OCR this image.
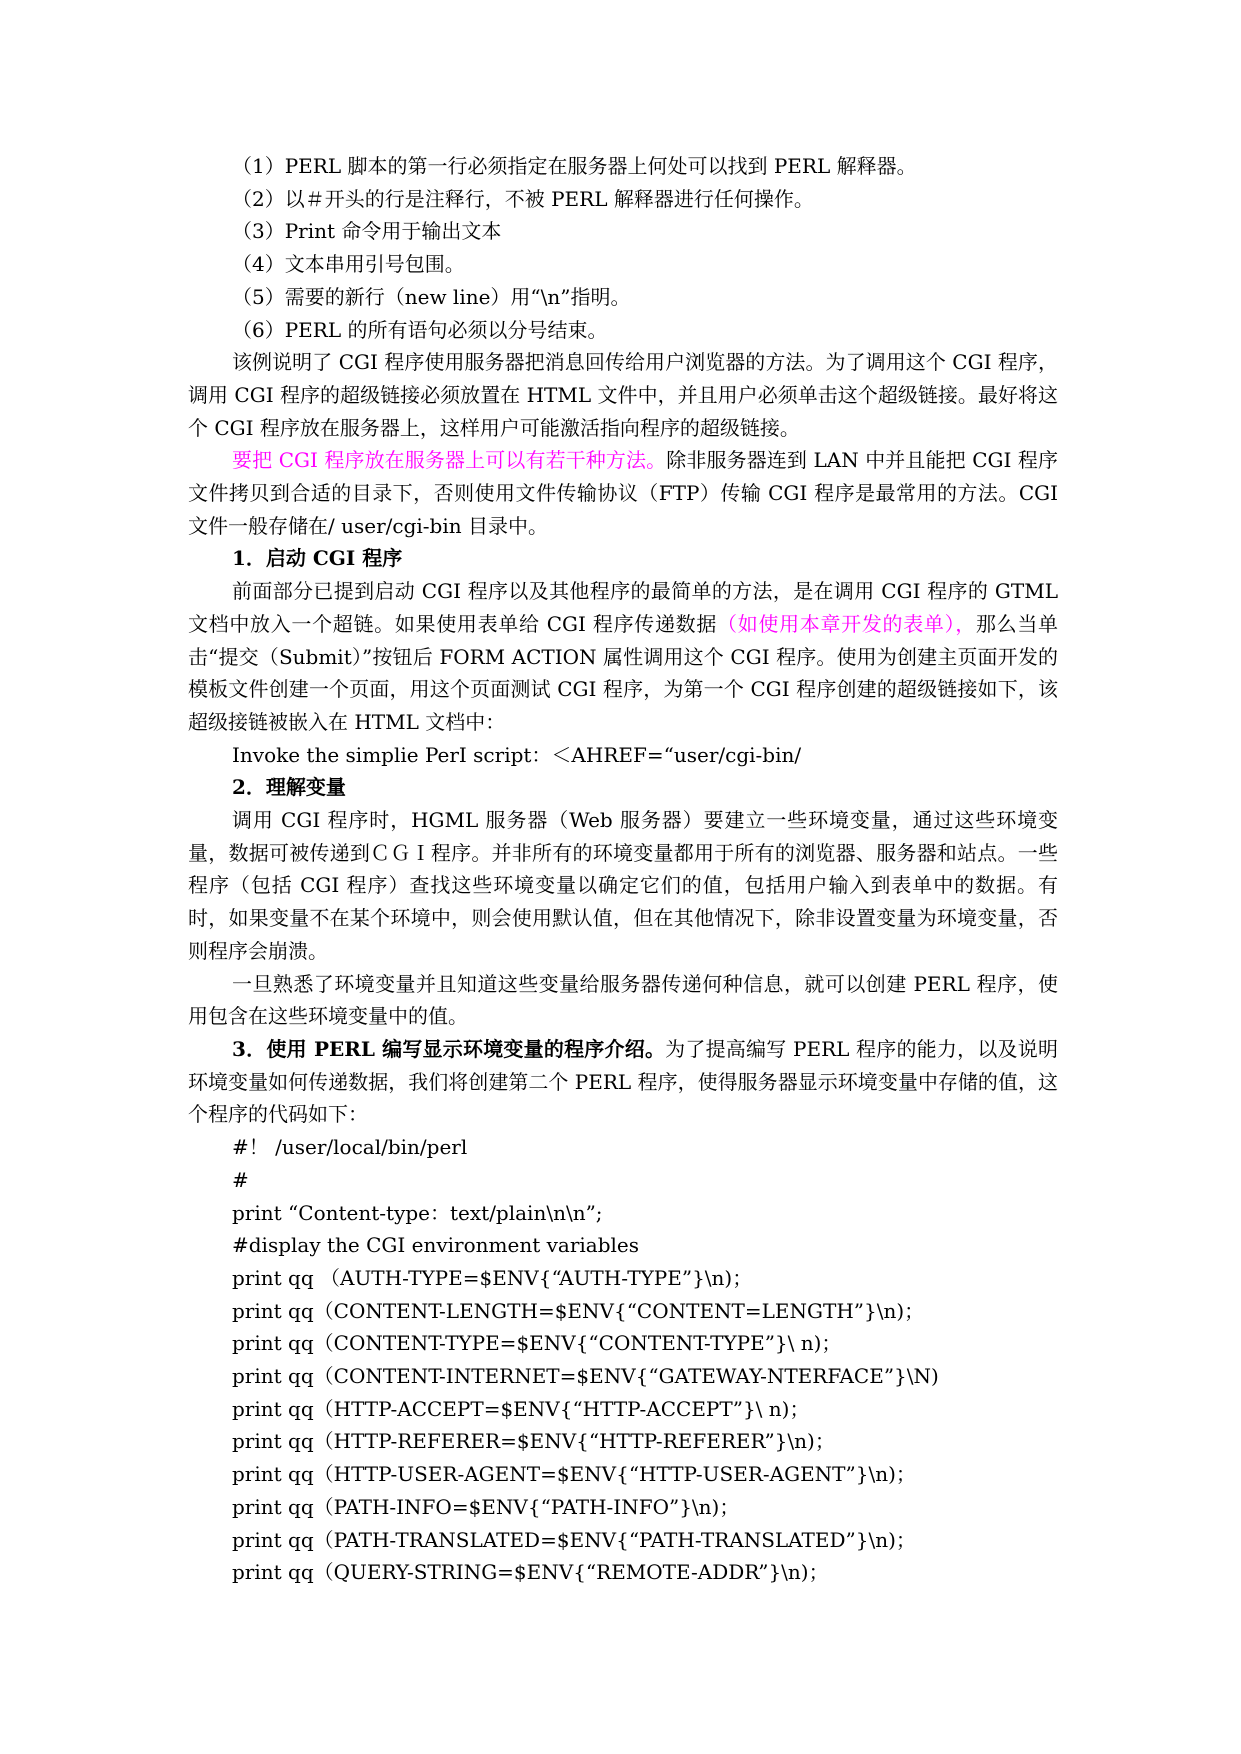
（1）PERL 脚本的第一行必须指定在服务器上何处可以找到 PERL 解释器。
（2）以＃开头的行是注释行，不被 PERL 解释器进行任何操作。
（3）Print 命令用于输出文本
（4）文本串用引号包围。
（5）需要的新行（new line）用“\n”指明。
（6）PERL 的所有语句必须以分号结束。
该例说明了 CGI 程序使用服务器把消息回传给用户浏览器的方法。为了调用这个 CGI 程序，调用 CGI 程序的超级链接必须放置在 HTML 文件中，并且用户必须单击这个超级链接。最好将这个 CGI 程序放在服务器上，这样用户可能激活指向程序的超级链接。
要把 CGI 程序放在服务器上可以有若干种方法。除非服务器连到 LAN 中并且能把 CGI 程序文件拷贝到合适的目录下，否则使用文件传输协议（FTP）传输 CGI 程序是最常用的方法。CGI 文件一般存储在/ user/cgi-bin 目录中。
1．启动 CGI 程序
前面部分已提到启动 CGI 程序以及其他程序的最简单的方法，是在调用 CGI 程序的 GTML 文档中放入一个超链。如果使用表单给 CGI 程序传递数据（如使用本章开发的表单），那么当单击“提交（Submit）”按钮后 FORM ACTION 属性调用这个 CGI 程序。使用为创建主页面开发的模板文件创建一个页面，用这个页面测试 CGI 程序，为第一个 CGI 程序创建的超级链接如下，该超级接链被嵌入在 HTML 文档中：
Invoke the simplie PerI script：＜AHREF=“user/cgi-bin/
2．理解变量
调用 CGI 程序时，HGML 服务器（Web 服务器）要建立一些环境变量，通过这些环境变量，数据可被传递到ＣＧＩ程序。并非所有的环境变量都用于所有的浏览器、服务器和站点。一些程序（包括 CGI 程序）查找这些环境变量以确定它们的值，包括用户输入到表单中的数据。有时，如果变量不在某个环境中，则会使用默认值，但在其他情况下，除非设置变量为环境变量，否则程序会崩溃。
一旦熟悉了环境变量并且知道这些变量给服务器传递何种信息，就可以创建 PERL 程序，使用包含在这些环境变量中的值。
3．使用 PERL 编写显示环境变量的程序介绍。为了提高编写 PERL 程序的能力，以及说明环境变量如何传递数据，我们将创建第二个 PERL 程序，使得服务器显示环境变量中存储的值，这个程序的代码如下：
#！ /user/local/bin/perl
#
print “Content-type：text/plain\n\n”;
#display the CGI environment variables
print qq （AUTH-TYPE=$ENV{“AUTH-TYPE”}\n)；
print qq（CONTENT-LENGTH=$ENV{“CONTENT=LENGTH”}\n)；
print qq（CONTENT-TYPE=$ENV{“CONTENT-TYPE”}\ n)；
print qq（CONTENT-INTERNET=$ENV{“GATEWAY-NTERFACE”}\N)
print qq（HTTP-ACCEPT=$ENV{“HTTP-ACCEPT”}\ n)；
print qq（HTTP-REFERER=$ENV{“HTTP-REFERER”}\n)；
print qq（HTTP-USER-AGENT=$ENV{“HTTP-USER-AGENT”}\n)；
print qq（PATH-INFO=$ENV{“PATH-INFO”}\n)；
print qq（PATH-TRANSLATED=$ENV{“PATH-TRANSLATED”}\n)；
print qq（QUERY-STRING=$ENV{“REMOTE-ADDR”}\n)；
